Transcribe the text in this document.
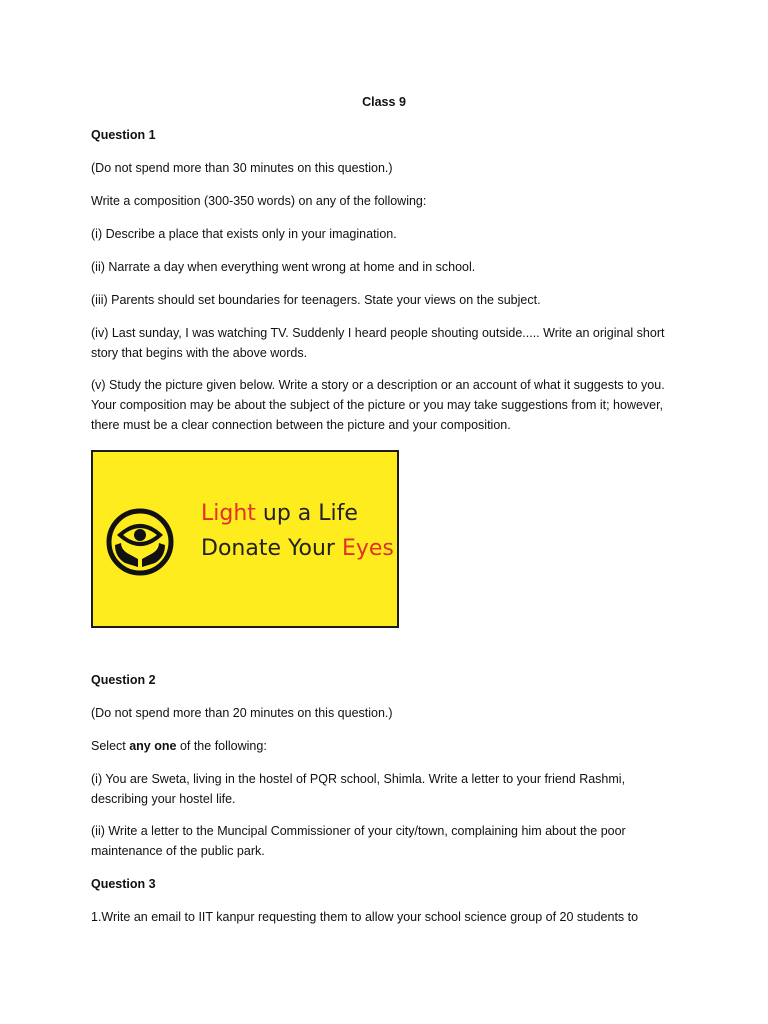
Class 9

Question 1

(Do not spend more than 30 minutes on this question.)

Write a composition (300-350 words) on any of the following:

(i) Describe a place that exists only in your imagination.

(ii) Narrate a day when everything went wrong at home and in school.

(iii) Parents should set boundaries for teenagers. State your views on the subject.

(iv) Last sunday, I was watching TV. Suddenly I heard people shouting outside..... Write an original short
story that begins with the above words.
(v) Study the picture given below. Write a story or a description or an account of what it suggests to you.
Your composition may be about the subject of the picture or you may take suggestions from it; however,
there must be a clear connection between the picture and your composition.
Light up a Life
Donate Your Eyes

Question 2

(Do not spend more than 20 minutes on this question.)

Select any one of the following:

(i) You are Sweta, living in the hostel of PQR school, Shimla. Write a letter to your friend Rashmi,
describing your hostel life.
(ii) Write a letter to the Muncipal Commissioner of your city/town, complaining him about the poor
maintenance of the public park.

Question 3

1.Write an email to IIT kanpur requesting them to allow your school science group of 20 students to
